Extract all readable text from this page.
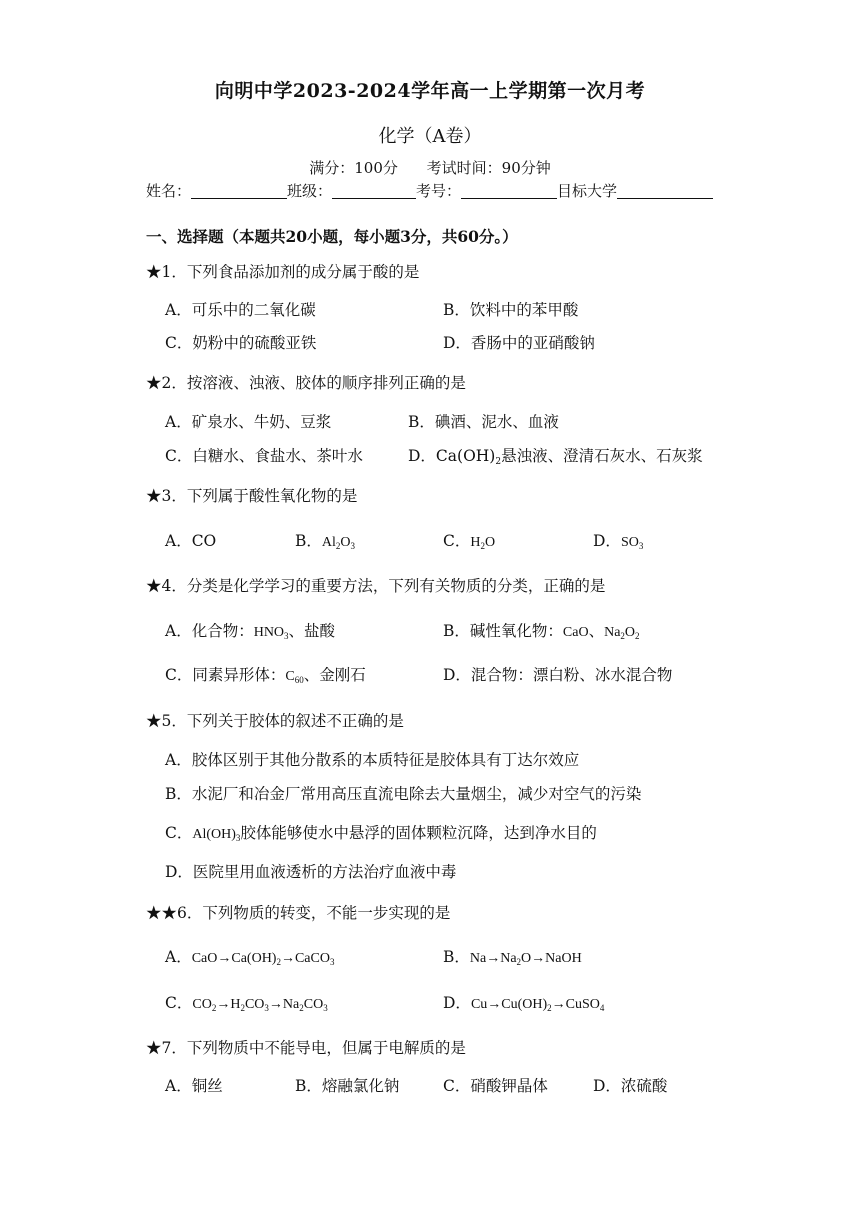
向明中学2023-2024学年高一上学期第一次月考
化学（A卷）
满分：100分 考试时间：90分钟
姓名：	班级：	考号：	目标大学
一、选择题（本题共20小题，每小题3分，共60分。）
★1．下列食品添加剂的成分属于酸的是
A．可乐中的二氧化碳	B．饮料中的苯甲酸
C．奶粉中的硫酸亚铁	D．香肠中的亚硝酸钠
★2．按溶液、浊液、胶体的顺序排列正确的是
A．矿泉水、牛奶、豆浆	B．碘酒、泥水、血液
C．白糖水、食盐水、茶叶水	D．$Ca(OH)_2$悬浊液、澄清石灰水、石灰浆
★3．下列属于酸性氧化物的是
A．CO	B．$Al_2O_3$	C．$H_2O$	D．$SO_3$
★4．分类是化学学习的重要方法，下列有关物质的分类，正确的是
A．化合物：$HNO_3$、盐酸	B．碱性氧化物：CaO、$Na_2O_2$
C．同素异形体：$C_{60}$、金刚石	D．混合物：漂白粉、冰水混合物
★5．下列关于胶体的叙述不正确的是
A．胶体区别于其他分散系的本质特征是胶体具有丁达尔效应
B．水泥厂和冶金厂常用高压直流电除去大量烟尘，减少对空气的污染
C．$Al(OH)_3$胶体能够使水中悬浮的固体颗粒沉降，达到净水目的
D．医院里用血液透析的方法治疗血液中毒
★★6．下列物质的转变，不能一步实现的是
A．$CaO\to Ca(OH)_2\to CaCO_3$	B．$Na\to Na_2O\to NaOH$
C．$CO_2\to H_2CO_3\to Na_2CO_3$	D．$Cu\to Cu(OH)_2\to CuSO_4$
★7．下列物质中不能导电，但属于电解质的是
A．铜丝	B．熔融氯化钠	C．硝酸钾晶体	D．浓硫酸
